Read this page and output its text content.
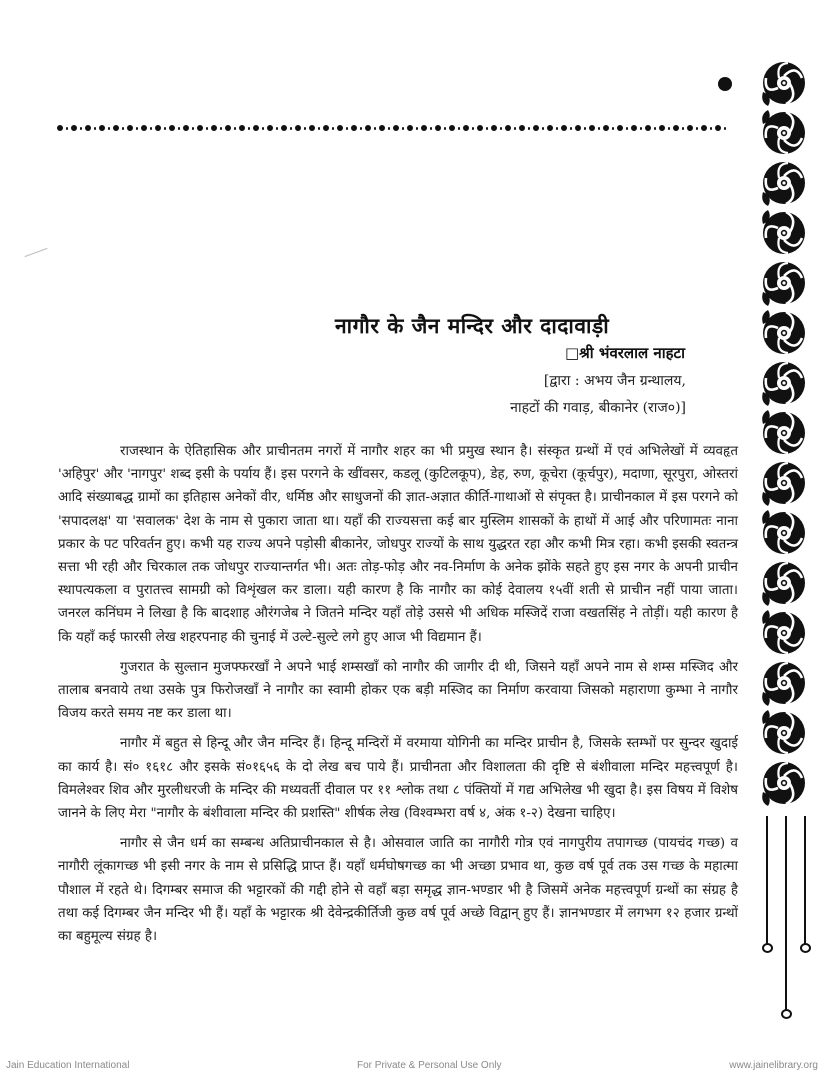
नागौर के जैन मन्दिर और दादावाड़ी
□श्री भंवरलाल नाहटा
[द्वारा : अभय जैन ग्रन्थालय,
नाहटों की गवाड़, बीकानेर (राज०)]

राजस्थान के ऐतिहासिक और प्राचीनतम नगरों में नागौर शहर का भी प्रमुख स्थान है। संस्कृत ग्रन्थों में एवं अभिलेखों में व्यवहृत 'अहिपुर' और 'नागपुर' शब्द इसी के पर्याय हैं। इस परगने के खींवसर, कडलू (कुटिलकूप), डेह, रुण, कूचेरा (कूर्चपुर), मदाणा, सूरपुरा, ओस्तरां आदि संख्याबद्ध ग्रामों का इतिहास अनेकों वीर, धर्मिष्ठ और साधुजनों की ज्ञात-अज्ञात कीर्ति-गाथाओं से संपृक्त है। प्राचीनकाल में इस परगने को 'सपादलक्ष' या 'सवालक' देश के नाम से पुकारा जाता था। यहाँ की राज्यसत्ता कई बार मुस्लिम शासकों के हाथों में आई और परिणामतः नाना प्रकार के पट परिवर्तन हुए। कभी यह राज्य अपने पड़ोसी बीकानेर, जोधपुर राज्यों के साथ युद्धरत रहा और कभी मित्र रहा। कभी इसकी स्वतन्त्र सत्ता भी रही और चिरकाल तक जोधपुर राज्यान्तर्गत भी। अतः तोड़-फोड़ और नव-निर्माण के अनेक झोंके सहते हुए इस नगर के अपनी प्राचीन स्थापत्यकला व पुरातत्त्व सामग्री को विशृंखल कर डाला। यही कारण है कि नागौर का कोई देवालय १५वीं शती से प्राचीन नहीं पाया जाता। जनरल कनिंघम ने लिखा है कि बादशाह औरंगजेब ने जितने मन्दिर यहाँ तोड़े उससे भी अधिक मस्जिदें राजा वखतसिंह ने तोड़ीं। यही कारण है कि यहाँ कई फारसी लेख शहरपनाह की चुनाई में उल्टे-सुल्टे लगे हुए आज भी विद्यमान हैं।

गुजरात के सुल्तान मुजफ्फरखाँ ने अपने भाई शम्सखाँ को नागौर की जागीर दी थी, जिसने यहाँ अपने नाम से शम्स मस्जिद और तालाब बनवाये तथा उसके पुत्र फिरोजखाँ ने नागौर का स्वामी होकर एक बड़ी मस्जिद का निर्माण करवाया जिसको महाराणा कुम्भा ने नागौर विजय करते समय नष्ट कर डाला था।

नागौर में बहुत से हिन्दू और जैन मन्दिर हैं। हिन्दू मन्दिरों में वरमाया योगिनी का मन्दिर प्राचीन है, जिसके स्तम्भों पर सुन्दर खुदाई का कार्य है। सं० १६१८ और इसके सं०१६५६ के दो लेख बच पाये हैं। प्राचीनता और विशालता की दृष्टि से बंशीवाला मन्दिर महत्त्वपूर्ण है। विमलेश्वर शिव और मुरलीधरजी के मन्दिर की मध्यवर्ती दीवाल पर ११ श्लोक तथा ८ पंक्तियों में गद्य अभिलेख भी खुदा है। इस विषय में विशेष जानने के लिए मेरा "नागौर के बंशीवाला मन्दिर की प्रशस्ति" शीर्षक लेख (विश्वम्भरा वर्ष ४, अंक १-२) देखना चाहिए।

नागौर से जैन धर्म का सम्बन्ध अतिप्राचीनकाल से है। ओसवाल जाति का नागौरी गोत्र एवं नागपुरीय तपागच्छ (पायचंद गच्छ) व नागौरी लूंकागच्छ भी इसी नगर के नाम से प्रसिद्धि प्राप्त हैं। यहाँ धर्मघोषगच्छ का भी अच्छा प्रभाव था, कुछ वर्ष पूर्व तक उस गच्छ के महात्मा पौशाल में रहते थे। दिगम्बर समाज की भट्टारकों की गद्दी होने से वहाँ बड़ा समृद्ध ज्ञान-भण्डार भी है जिसमें अनेक महत्त्वपूर्ण ग्रन्थों का संग्रह है तथा कई दिगम्बर जैन मन्दिर भी हैं। यहाँ के भट्टारक श्री देवेन्द्रकीर्तिजी कुछ वर्ष पूर्व अच्छे विद्वान् हुए हैं। ज्ञानभण्डार में लगभग १२ हजार ग्रन्थों का बहुमूल्य संग्रह है।

Jain Education International	For Private & Personal Use Only	www.jainelibrary.org
